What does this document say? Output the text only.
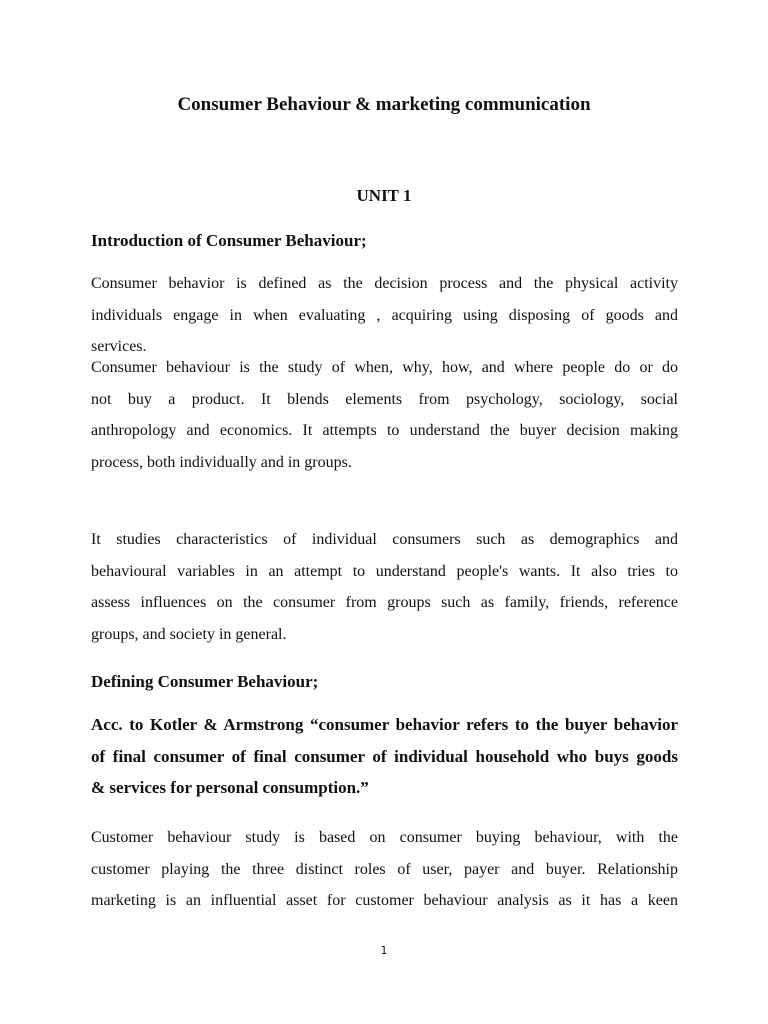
Consumer Behaviour & marketing communication
UNIT 1
Introduction of Consumer Behaviour;
Consumer behavior is defined as the decision process and the physical activity
individuals engage in when evaluating , acquiring using disposing of goods and
services.
Consumer behaviour is the study of when, why, how, and where people do or do
not buy a product. It blends elements from psychology, sociology, social
anthropology and economics. It attempts to understand the buyer decision making
process, both individually and in groups.
It studies characteristics of individual consumers such as demographics and
behavioural variables in an attempt to understand people's wants. It also tries to
assess influences on the consumer from groups such as family, friends, reference
groups, and society in general.
Defining Consumer Behaviour;
Acc. to Kotler & Armstrong “consumer behavior refers to the buyer behavior
of final consumer of final consumer of individual household who buys goods
& services for personal consumption.”
Customer behaviour study is based on consumer buying behaviour, with the
customer playing the three distinct roles of user, payer and buyer. Relationship
marketing is an influential asset for customer behaviour analysis as it has a keen
1
